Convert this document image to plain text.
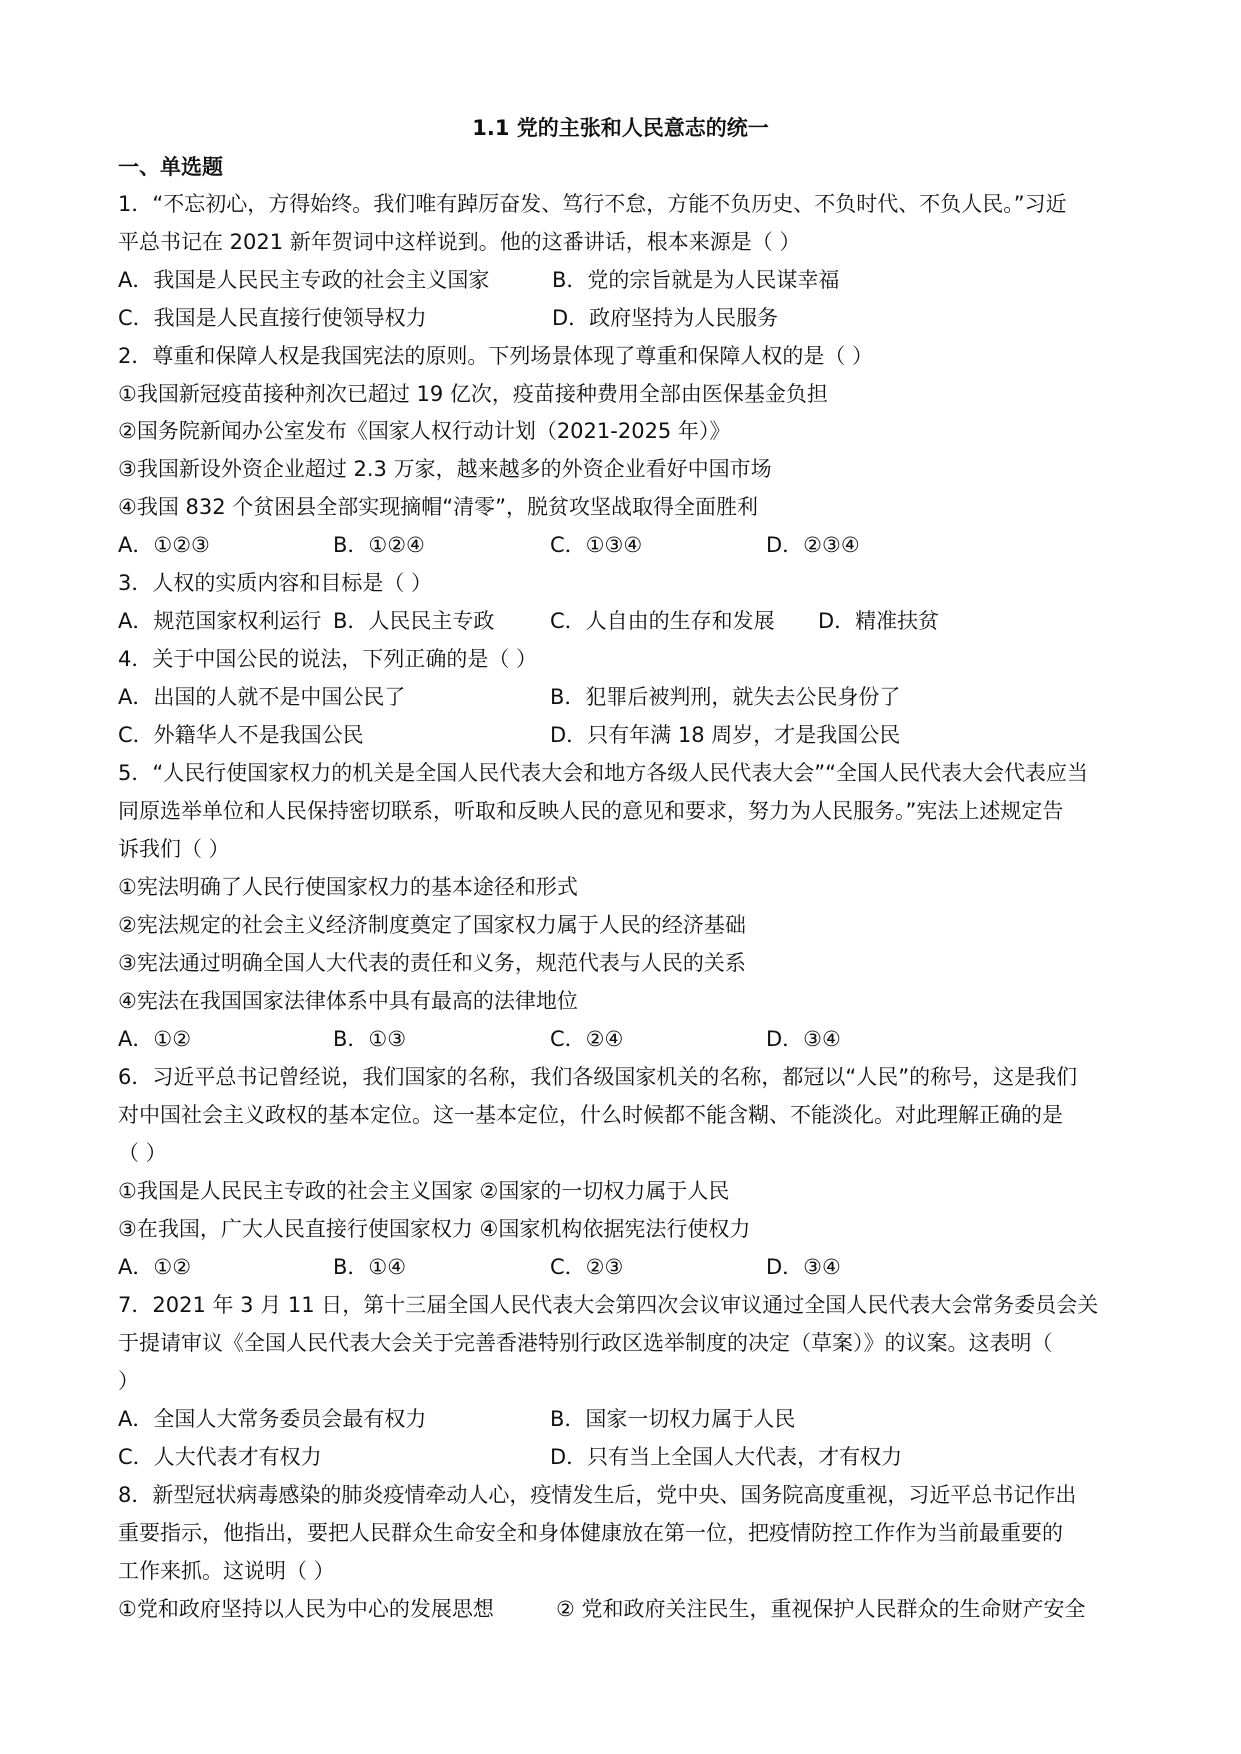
1.1 党的主张和人民意志的统一
一、单选题
1．“不忘初心，方得始终。我们唯有踔厉奋发、笃行不怠，方能不负历史、不负时代、不负人民。”习近
平总书记在 2021 新年贺词中这样说到。他的这番讲话，根本来源是（ ）
A．我国是人民民主专政的社会主义国家	B．党的宗旨就是为人民谋幸福
C．我国是人民直接行使领导权力	D．政府坚持为人民服务
2．尊重和保障人权是我国宪法的原则。下列场景体现了尊重和保障人权的是（ ）
①我国新冠疫苗接种剂次已超过 19 亿次，疫苗接种费用全部由医保基金负担
②国务院新闻办公室发布《国家人权行动计划（2021-2025 年）》
③我国新设外资企业超过 2.3 万家，越来越多的外资企业看好中国市场
④我国 832 个贫困县全部实现摘帽“清零”，脱贫攻坚战取得全面胜利
A．①②③	B．①②④	C．①③④	D．②③④
3．人权的实质内容和目标是（ ）
A．规范国家权利运行 B．人民民主专政	C．人自由的生存和发展 D．精准扶贫
4．关于中国公民的说法，下列正确的是（ ）
A．出国的人就不是中国公民了	B．犯罪后被判刑，就失去公民身份了
C．外籍华人不是我国公民	D．只有年满 18 周岁，才是我国公民
5．“人民行使国家权力的机关是全国人民代表大会和地方各级人民代表大会”“全国人民代表大会代表应当
同原选举单位和人民保持密切联系，听取和反映人民的意见和要求，努力为人民服务。”宪法上述规定告
诉我们（ ）
①宪法明确了人民行使国家权力的基本途径和形式
②宪法规定的社会主义经济制度奠定了国家权力属于人民的经济基础
③宪法通过明确全国人大代表的责任和义务，规范代表与人民的关系
④宪法在我国国家法律体系中具有最高的法律地位
A．①②	B．①③	C．②④	D．③④
6．习近平总书记曾经说，我们国家的名称，我们各级国家机关的名称，都冠以“人民”的称号，这是我们
对中国社会主义政权的基本定位。这一基本定位，什么时候都不能含糊、不能淡化。对此理解正确的是
（ ）
①我国是人民民主专政的社会主义国家 ②国家的一切权力属于人民
③在我国，广大人民直接行使国家权力 ④国家机构依据宪法行使权力
A．①②	B．①④	C．②③	D．③④
7．2021 年 3 月 11 日，第十三届全国人民代表大会第四次会议审议通过全国人民代表大会常务委员会关
于提请审议《全国人民代表大会关于完善香港特别行政区选举制度的决定（草案）》的议案。这表明（
）
A．全国人大常务委员会最有权力	B．国家一切权力属于人民
C．人大代表才有权力	D．只有当上全国人大代表，才有权力
8．新型冠状病毒感染的肺炎疫情牵动人心，疫情发生后，党中央、国务院高度重视，习近平总书记作出
重要指示，他指出，要把人民群众生命安全和身体健康放在第一位，把疫情防控工作作为当前最重要的
工作来抓。这说明（ ）
①党和政府坚持以人民为中心的发展思想	② 党和政府关注民生，重视保护人民群众的生命财产安全
